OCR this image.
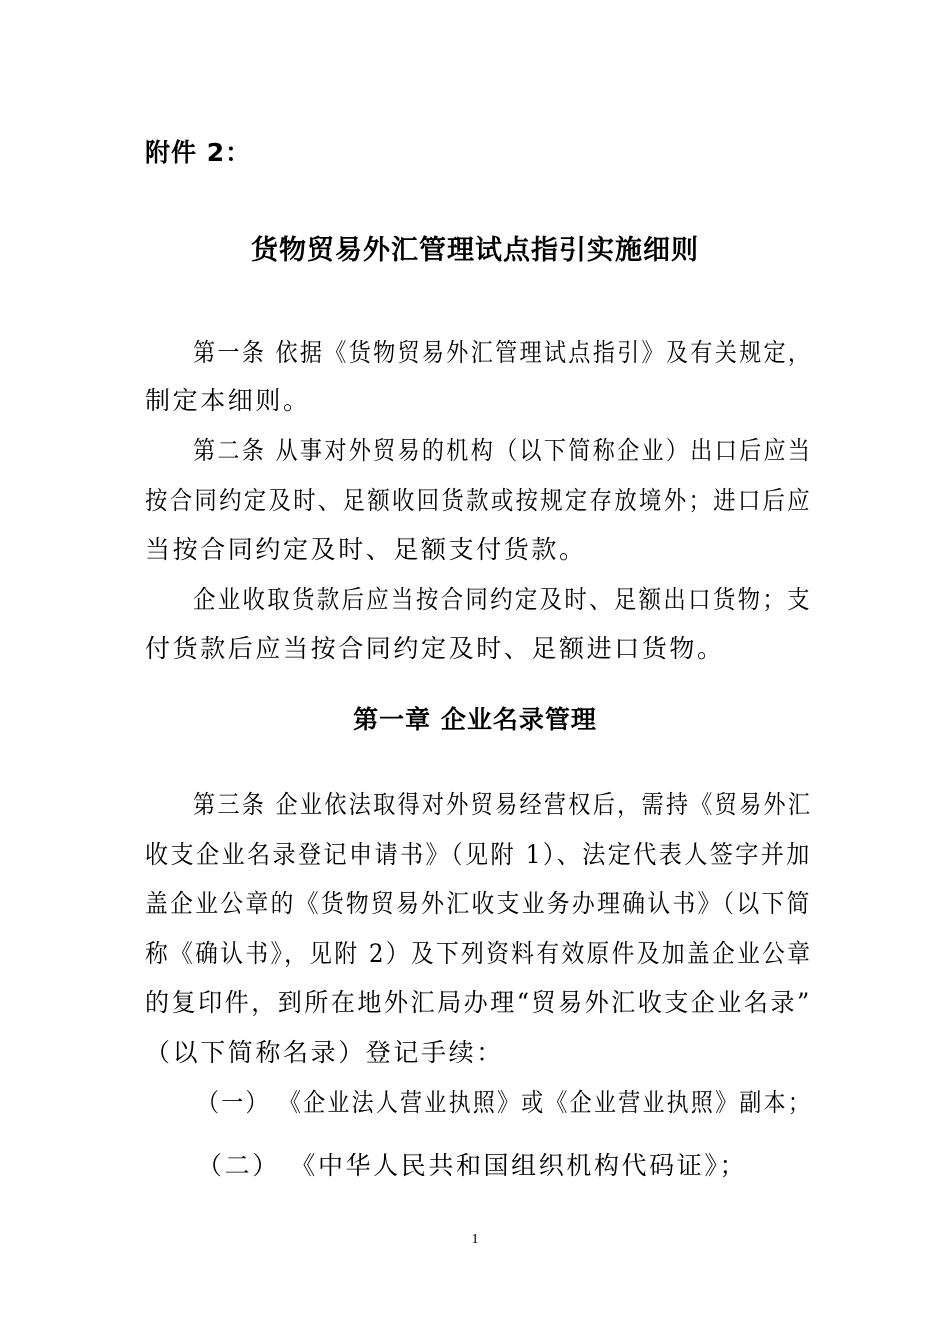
附件 2：

货物贸易外汇管理试点指引实施细则

第一条 依据《货物贸易外汇管理试点指引》及有关规定，

制定本细则。

第二条 从事对外贸易的机构（以下简称企业）出口后应当

按合同约定及时、足额收回货款或按规定存放境外；进口后应

当按合同约定及时、足额支付货款。

企业收取货款后应当按合同约定及时、足额出口货物；支

付货款后应当按合同约定及时、足额进口货物。

第一章 企业名录管理

第三条 企业依法取得对外贸易经营权后，需持《贸易外汇

收支企业名录登记申请书》（见附 1）、法定代表人签字并加

盖企业公章的《货物贸易外汇收支业务办理确认书》（以下简

称《确认书》，见附 2）及下列资料有效原件及加盖企业公章

的复印件，到所在地外汇局办理“贸易外汇收支企业名录”

（以下简称名录）登记手续：

（一） 《企业法人营业执照》或《企业营业执照》副本；

（二） 《中华人民共和国组织机构代码证》；

1
